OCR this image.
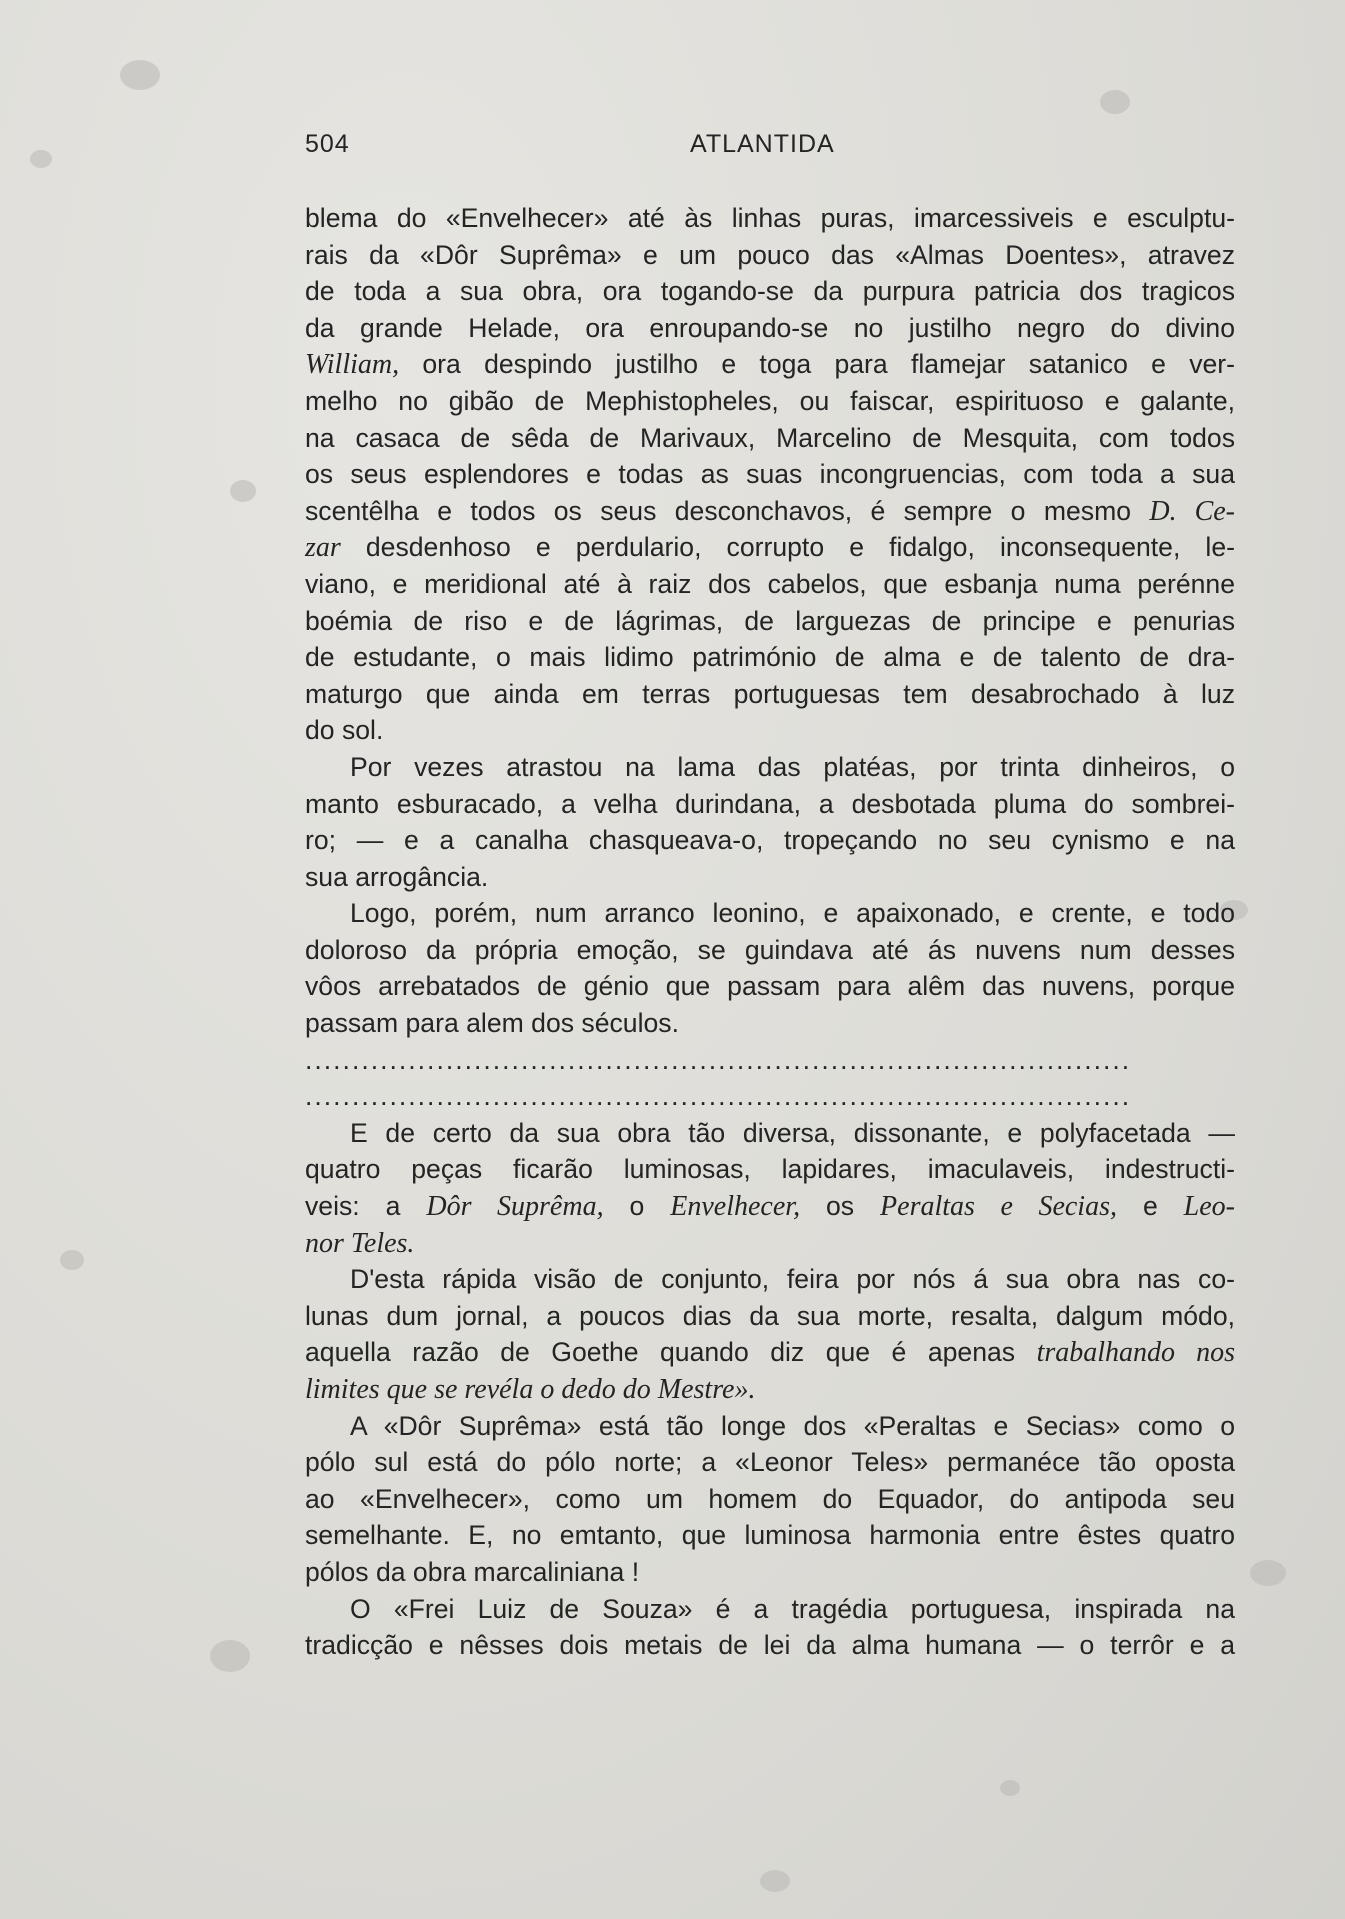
504	ATLANTIDA
blema do «Envelhecer» até às linhas puras, imarcessiveis e esculptu-
rais da «Dôr Suprêma» e um pouco das «Almas Doentes», atravez
de toda a sua obra, ora togando-se da purpura patricia dos tragicos
da grande Helade, ora enroupando-se no justilho negro do divino
William, ora despindo justilho e toga para flamejar satanico e ver-
melho no gibão de Mephistopheles, ou faiscar, espirituoso e galante,
na casaca de sêda de Marivaux, Marcelino de Mesquita, com todos
os seus esplendores e todas as suas incongruencias, com toda a sua
scentêlha e todos os seus desconchavos, é sempre o mesmo D. Ce-
zar desdenhoso e perdulario, corrupto e fidalgo, inconsequente, le-
viano, e meridional até à raiz dos cabelos, que esbanja numa perénne
boémia de riso e de lágrimas, de larguezas de principe e penurias
de estudante, o mais lidimo património de alma e de talento de dra-
maturgo que ainda em terras portuguesas tem desabrochado à luz
do sol.
Por vezes atrastou na lama das platéas, por trinta dinheiros, o
manto esburacado, a velha durindana, a desbotada pluma do sombrei-
ro; — e a canalha chasqueava-o, tropeçando no seu cynismo e na
sua arrogância.
Logo, porém, num arranco leonino, e apaixonado, e crente, e todo
doloroso da própria emoção, se guindava até ás nuvens num desses
vôos arrebatados de génio que passam para alêm das nuvens, porque
passam para alem dos séculos.
........................................................................................
........................................................................................
E de certo da sua obra tão diversa, dissonante, e polyfacetada —
quatro peças ficarão luminosas, lapidares, imaculaveis, indestructi-
veis: a Dôr Suprêma, o Envelhecer, os Peraltas e Secias, e Leo-
nor Teles.
D'esta rápida visão de conjunto, feira por nós á sua obra nas co-
lunas dum jornal, a poucos dias da sua morte, resalta, dalgum módo,
aquella razão de Goethe quando diz que é apenas trabalhando nos
limites que se revéla o dedo do Mestre».
A «Dôr Suprêma» está tão longe dos «Peraltas e Secias» como o
pólo sul está do pólo norte; a «Leonor Teles» permanéce tão oposta
ao «Envelhecer», como um homem do Equador, do antipoda seu
semelhante. E, no emtanto, que luminosa harmonia entre êstes quatro
pólos da obra marcaliniana !
O «Frei Luiz de Souza» é a tragédia portuguesa, inspirada na
tradicção e nêsses dois metais de lei da alma humana — o terrôr e a
